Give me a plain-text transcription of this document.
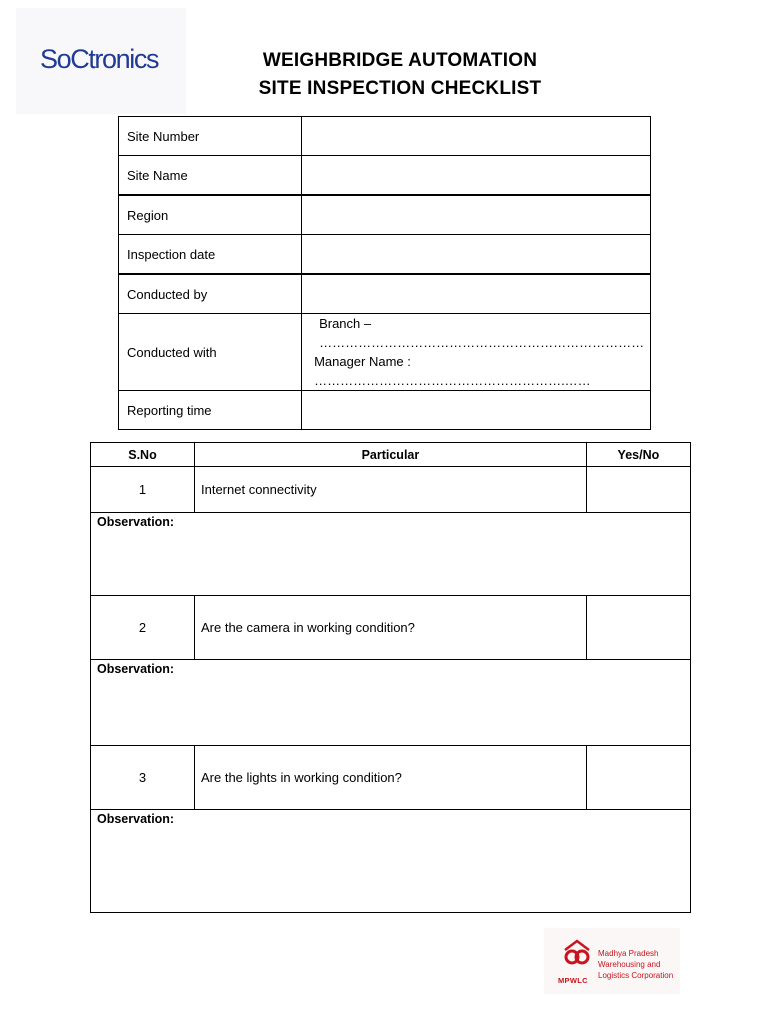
SoCtronics	WEIGHBRIDGE AUTOMATION
SITE INSPECTION CHECKLIST
Site Number	
Site Name	
Region	
Inspection date	
Conducted by	
Conducted with	Branch – …………………………………………………………………
Manager Name : ………………………………………………….……

Reporting time	
S.No	Particular	Yes/No
1	Internet connectivity	
Observation:		
2	Are the camera in working condition?	
Observation:		
3	Are the lights in working condition?	
Observation:		
MPWLC
Madhya Pradesh
Warehousing and
Logistics Corporation
